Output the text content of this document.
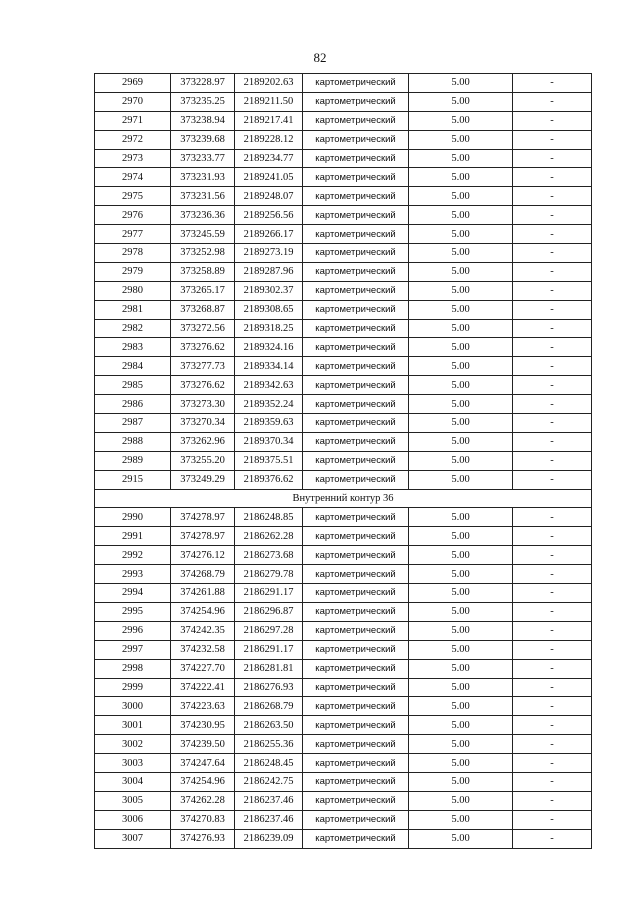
82
2969	373228.97	2189202.63	картометрический	5.00	-
2970	373235.25	2189211.50	картометрический	5.00	-
2971	373238.94	2189217.41	картометрический	5.00	-
2972	373239.68	2189228.12	картометрический	5.00	-
2973	373233.77	2189234.77	картометрический	5.00	-
2974	373231.93	2189241.05	картометрический	5.00	-
2975	373231.56	2189248.07	картометрический	5.00	-
2976	373236.36	2189256.56	картометрический	5.00	-
2977	373245.59	2189266.17	картометрический	5.00	-
2978	373252.98	2189273.19	картометрический	5.00	-
2979	373258.89	2189287.96	картометрический	5.00	-
2980	373265.17	2189302.37	картометрический	5.00	-
2981	373268.87	2189308.65	картометрический	5.00	-
2982	373272.56	2189318.25	картометрический	5.00	-
2983	373276.62	2189324.16	картометрический	5.00	-
2984	373277.73	2189334.14	картометрический	5.00	-
2985	373276.62	2189342.63	картометрический	5.00	-
2986	373273.30	2189352.24	картометрический	5.00	-
2987	373270.34	2189359.63	картометрический	5.00	-
2988	373262.96	2189370.34	картометрический	5.00	-
2989	373255.20	2189375.51	картометрический	5.00	-
2915	373249.29	2189376.62	картометрический	5.00	-
Внутренний контур 36					
2990	374278.97	2186248.85	картометрический	5.00	-
2991	374278.97	2186262.28	картометрический	5.00	-
2992	374276.12	2186273.68	картометрический	5.00	-
2993	374268.79	2186279.78	картометрический	5.00	-
2994	374261.88	2186291.17	картометрический	5.00	-
2995	374254.96	2186296.87	картометрический	5.00	-
2996	374242.35	2186297.28	картометрический	5.00	-
2997	374232.58	2186291.17	картометрический	5.00	-
2998	374227.70	2186281.81	картометрический	5.00	-
2999	374222.41	2186276.93	картометрический	5.00	-
3000	374223.63	2186268.79	картометрический	5.00	-
3001	374230.95	2186263.50	картометрический	5.00	-
3002	374239.50	2186255.36	картометрический	5.00	-
3003	374247.64	2186248.45	картометрический	5.00	-
3004	374254.96	2186242.75	картометрический	5.00	-
3005	374262.28	2186237.46	картометрический	5.00	-
3006	374270.83	2186237.46	картометрический	5.00	-
3007	374276.93	2186239.09	картометрический	5.00	-
